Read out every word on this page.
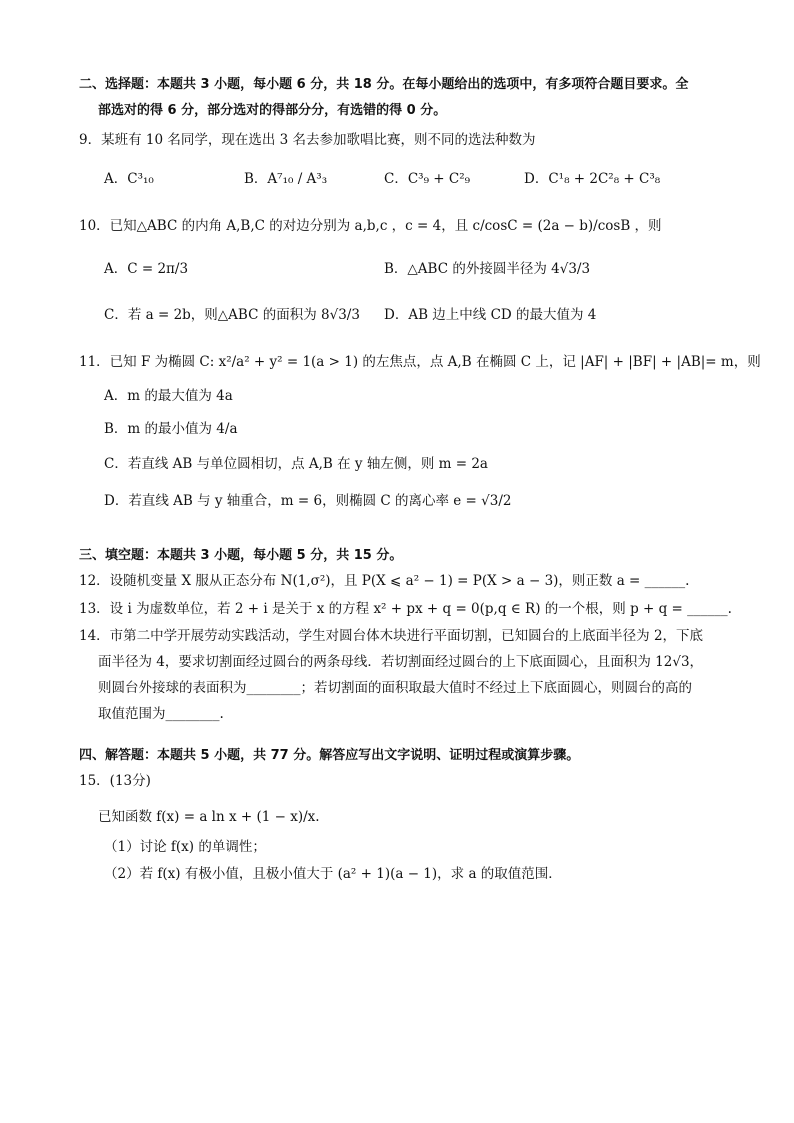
二、选择题：本题共 3 小题，每小题 6 分，共 18 分。在每小题给出的选项中，有多项符合题目要求。全
部选对的得 6 分，部分选对的得部分分，有选错的得 0 分。
9．某班有 10 名同学，现在选出 3 名去参加歌唱比赛，则不同的选法种数为
A．C³₁₀	B．A⁷₁₀ / A³₃	C．C³₉ + C²₉	D．C¹₈ + 2C²₈ + C³₈
10．已知△ABC 的内角 A,B,C 的对边分别为 a,b,c ，c = 4，且 c/cosC = (2a − b)/cosB ，则
A．C = 2π/3	B．△ABC 的外接圆半径为 4√3/3
C．若 a = 2b，则△ABC 的面积为 8√3/3 D．AB 边上中线 CD 的最大值为 4
11．已知 F 为椭圆 C: x²/a² + y² = 1(a > 1) 的左焦点，点 A,B 在椭圆 C 上，记 |AF| + |BF| + |AB|= m，则
A．m 的最大值为 4a
B．m 的最小值为 4/a
C．若直线 AB 与单位圆相切，点 A,B 在 y 轴左侧，则 m = 2a
D．若直线 AB 与 y 轴重合，m = 6，则椭圆 C 的离心率 e = √3/2
三、填空题：本题共 3 小题，每小题 5 分，共 15 分。
12．设随机变量 X 服从正态分布 N(1,σ²)，且 P(X ⩽ a² − 1) = P(X > a − 3)，则正数 a = ______.
13．设 i 为虚数单位，若 2 + i 是关于 x 的方程 x² + px + q = 0(p,q ∈ R) 的一个根，则 p + q = ______.
14．市第二中学开展劳动实践活动，学生对圆台体木块进行平面切割，已知圆台的上底面半径为 2，下底
面半径为 4，要求切割面经过圆台的两条母线．若切割面经过圆台的上下底面圆心，且面积为 12√3，
则圆台外接球的表面积为________；若切割面的面积取最大值时不经过上下底面圆心，则圆台的高的
取值范围为________.
四、解答题：本题共 5 小题，共 77 分。解答应写出文字说明、证明过程或演算步骤。
15．(13分)
已知函数 f(x) = a ln x + (1 − x)/x.
（1）讨论 f(x) 的单调性；
（2）若 f(x) 有极小值，且极小值大于 (a² + 1)(a − 1)，求 a 的取值范围．
